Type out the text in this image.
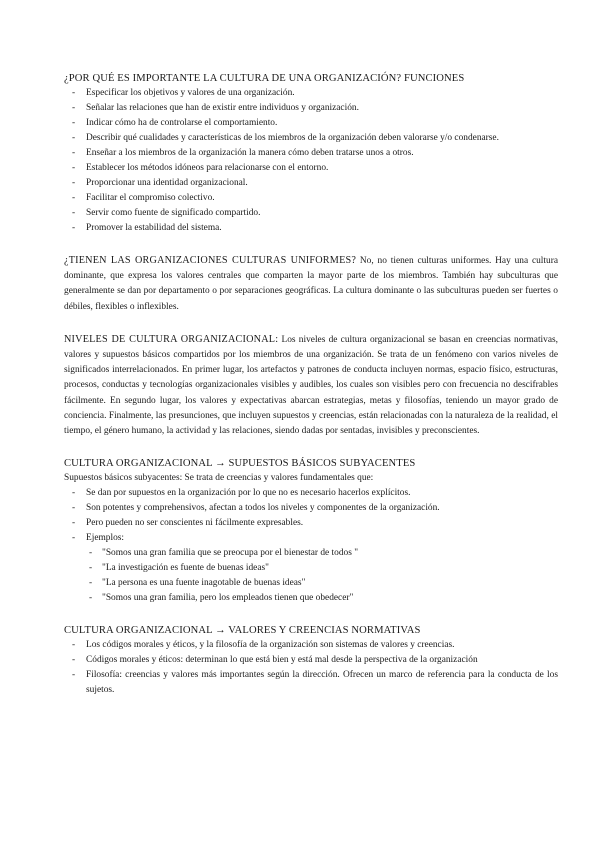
¿POR QUÉ ES IMPORTANTE LA CULTURA DE UNA ORGANIZACIÓN? FUNCIONES
- Especificar los objetivos y valores de una organización.
- Señalar las relaciones que han de existir entre individuos y organización.
- Indicar cómo ha de controlarse el comportamiento.
- Describir qué cualidades y características de los miembros de la organización deben valorarse y/o condenarse.
- Enseñar a los miembros de la organización la manera cómo deben tratarse unos a otros.
- Establecer los métodos idóneos para relacionarse con el entorno.
- Proporcionar una identidad organizacional.
- Facilitar el compromiso colectivo.
- Servir como fuente de significado compartido.
- Promover la estabilidad del sistema.

¿TIENEN LAS ORGANIZACIONES CULTURAS UNIFORMES? No, no tienen culturas uniformes. Hay una cultura dominante, que expresa los valores centrales que comparten la mayor parte de los miembros. También hay subculturas que generalmente se dan por departamento o por separaciones geográficas. La cultura dominante o las subculturas pueden ser fuertes o débiles, flexibles o inflexibles.

NIVELES DE CULTURA ORGANIZACIONAL: Los niveles de cultura organizacional se basan en creencias normativas, valores y supuestos básicos compartidos por los miembros de una organización. Se trata de un fenómeno con varios niveles de significados interrelacionados. En primer lugar, los artefactos y patrones de conducta incluyen normas, espacio físico, estructuras, procesos, conductas y tecnologías organizacionales visibles y audibles, los cuales son visibles pero con frecuencia no descifrables fácilmente. En segundo lugar, los valores y expectativas abarcan estrategias, metas y filosofías, teniendo un mayor grado de conciencia. Finalmente, las presunciones, que incluyen supuestos y creencias, están relacionadas con la naturaleza de la realidad, el tiempo, el género humano, la actividad y las relaciones, siendo dadas por sentadas, invisibles y preconscientes.

CULTURA ORGANIZACIONAL → SUPUESTOS BÁSICOS SUBYACENTES
Supuestos básicos subyacentes: Se trata de creencias y valores fundamentales que:
- Se dan por supuestos en la organización por lo que no es necesario hacerlos explícitos.
- Son potentes y comprehensivos, afectan a todos los niveles y componentes de la organización.
- Pero pueden no ser conscientes ni fácilmente expresables.
- Ejemplos:
- "Somos una gran familia que se preocupa por el bienestar de todos "
- "La investigación es fuente de buenas ideas"
- "La persona es una fuente inagotable de buenas ideas"
- "Somos una gran familia, pero los empleados tienen que obedecer"
CULTURA ORGANIZACIONAL → VALORES Y CREENCIAS NORMATIVAS
- Los códigos morales y éticos, y la filosofía de la organización son sistemas de valores y creencias.
- Códigos morales y éticos: determinan lo que está bien y está mal desde la perspectiva de la organización
- Filosofía: creencias y valores más importantes según la dirección. Ofrecen un marco de referencia para la conducta de los sujetos.
